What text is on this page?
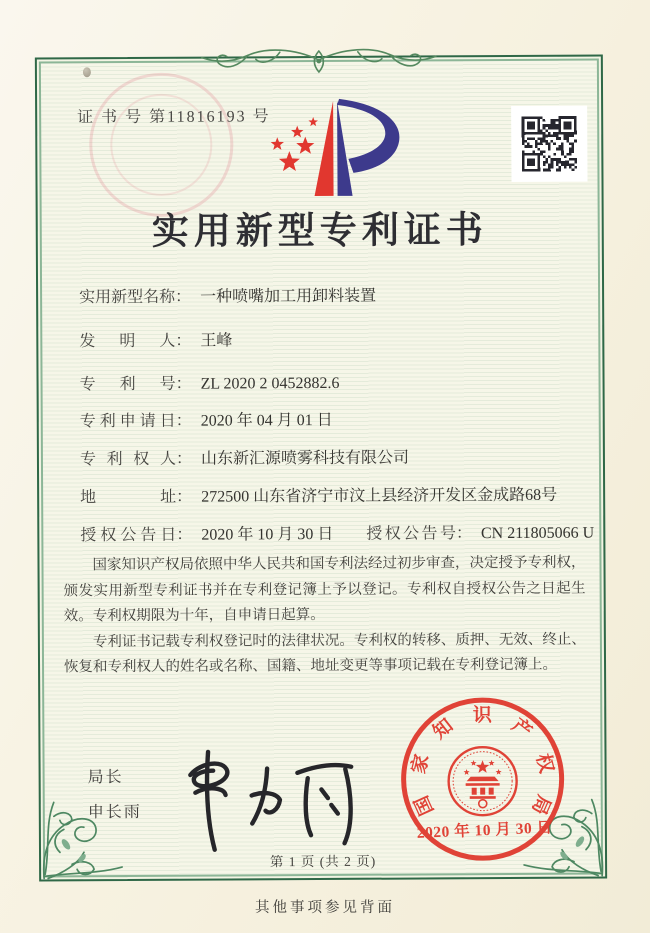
证 书 号 第11816193 号
实用新型专利证书
实用新型名称： 一种喷嘴加工用卸料装置
发明人： 王峰
专利号： ZL 2020 2 0452882.6
专利申请日： 2020 年 04 月 01 日
专利权人： 山东新汇源喷雾科技有限公司
地址： 272500 山东省济宁市汶上县经济开发区金成路68号
授权公告日： 2020 年 10 月 30 日 授权公告号： CN 211805066 U

国家知识产权局依照中华人民共和国专利法经过初步审查，决定授予专利权，颁发实用新型专利证书并在专利登记簿上予以登记。专利权自授权公告之日起生效。专利权期限为十年，自申请日起算。

专利证书记载专利权登记时的法律状况。专利权的转移、质押、无效、终止、恢复和专利权人的姓名或名称、国籍、地址变更等事项记载在专利登记簿上。

局长
申长雨	国
家
知 识 产
权
局
2020 年 10 月 30 日
第 1 页 (共 2 页)
其他事项参见背面
